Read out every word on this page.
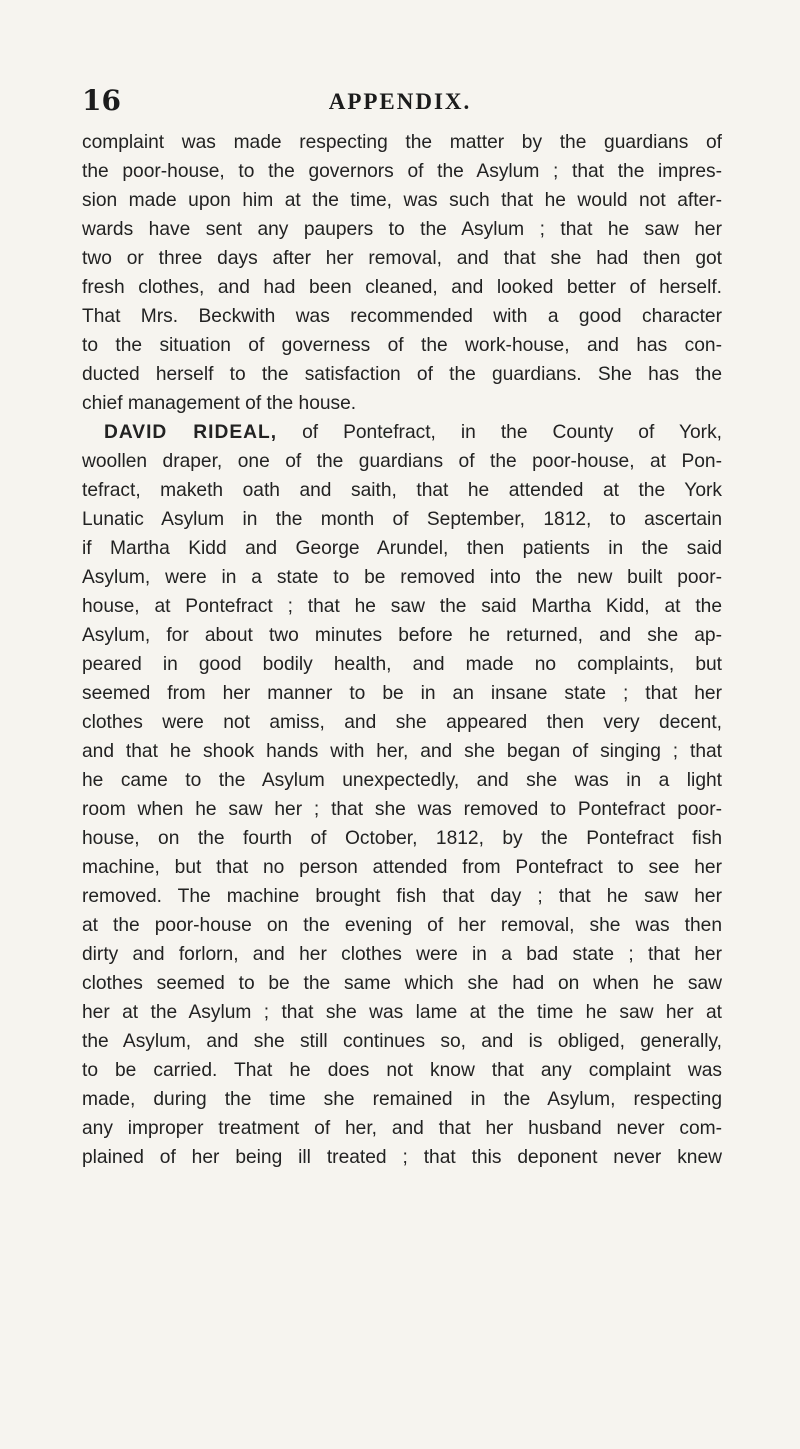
16	APPENDIX.
complaint was made respecting the matter by the guardians of
the poor-house, to the governors of the Asylum ; that the impres-
sion made upon him at the time, was such that he would not after-
wards have sent any paupers to the Asylum ; that he saw her
two or three days after her removal, and that she had then got
fresh clothes, and had been cleaned, and looked better of herself.
That Mrs. Beckwith was recommended with a good character
to the situation of governess of the work-house, and has con-
ducted herself to the satisfaction of the guardians. She has the
chief management of the house.
DAVID RIDEAL, of Pontefract, in the County of York,
woollen draper, one of the guardians of the poor-house, at Pon-
tefract, maketh oath and saith, that he attended at the York
Lunatic Asylum in the month of September, 1812, to ascertain
if Martha Kidd and George Arundel, then patients in the said
Asylum, were in a state to be removed into the new built poor-
house, at Pontefract ; that he saw the said Martha Kidd, at the
Asylum, for about two minutes before he returned, and she ap-
peared in good bodily health, and made no complaints, but
seemed from her manner to be in an insane state ; that her
clothes were not amiss, and she appeared then very decent,
and that he shook hands with her, and she began of singing ; that
he came to the Asylum unexpectedly, and she was in a light
room when he saw her ; that she was removed to Pontefract poor-
house, on the fourth of October, 1812, by the Pontefract fish
machine, but that no person attended from Pontefract to see her
removed. The machine brought fish that day ; that he saw her
at the poor-house on the evening of her removal, she was then
dirty and forlorn, and her clothes were in a bad state ; that her
clothes seemed to be the same which she had on when he saw
her at the Asylum ; that she was lame at the time he saw her at
the Asylum, and she still continues so, and is obliged, generally,
to be carried. That he does not know that any complaint was
made, during the time she remained in the Asylum, respecting
any improper treatment of her, and that her husband never com-
plained of her being ill treated ; that this deponent never knew
